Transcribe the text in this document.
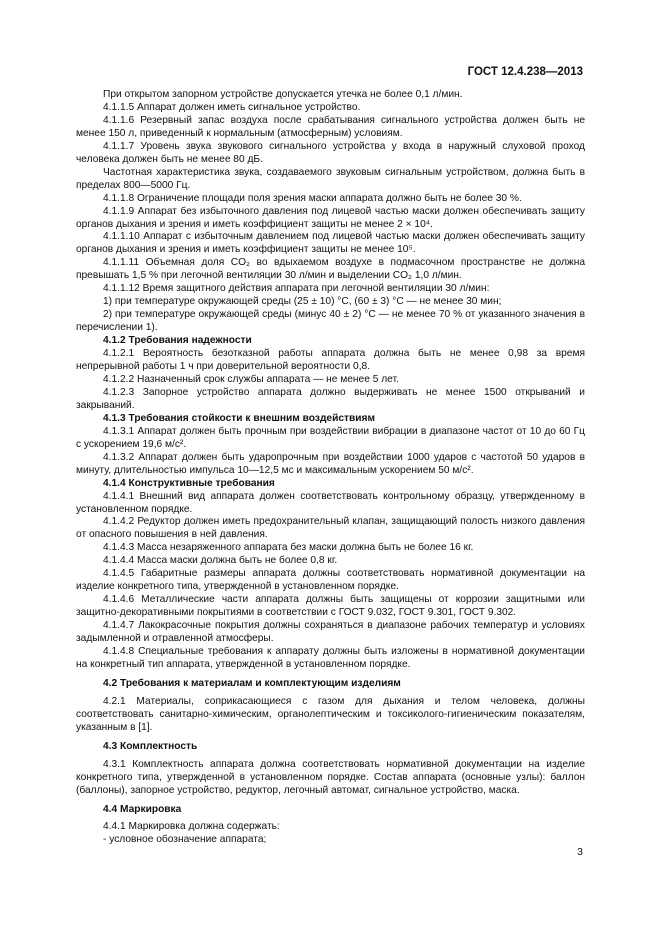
ГОСТ 12.4.238—2013

При открытом запорном устройстве допускается утечка не более 0,1 л/мин.

4.1.1.5 Аппарат должен иметь сигнальное устройство.

4.1.1.6 Резервный запас воздуха после срабатывания сигнального устройства должен быть не менее 150 л, приведенный к нормальным (атмосферным) условиям.

4.1.1.7 Уровень звука звукового сигнального устройства у входа в наружный слуховой проход человека должен быть не менее 80 дБ.

Частотная характеристика звука, создаваемого звуковым сигнальным устройством, должна быть в пределах 800—5000 Гц.

4.1.1.8 Ограничение площади поля зрения маски аппарата должно быть не более 30 %.

4.1.1.9 Аппарат без избыточного давления под лицевой частью маски должен обеспечивать защиту органов дыхания и зрения и иметь коэффициент защиты не менее 2 × 10⁴.

4.1.1.10 Аппарат с избыточным давлением под лицевой частью маски должен обеспечивать защиту органов дыхания и зрения и иметь коэффициент защиты не менее 10⁵.

4.1.1.11 Объемная доля CO₂ во вдыхаемом воздухе в подмасочном пространстве не должна превышать 1,5 % при легочной вентиляции 30 л/мин и выделении CO₂ 1,0 л/мин.

4.1.1.12 Время защитного действия аппарата при легочной вентиляции 30 л/мин:

1) при температуре окружающей среды (25 ± 10) °С, (60 ± 3) °С — не менее 30 мин;

2) при температуре окружающей среды (минус 40 ± 2) °С — не менее 70 % от указанного значения в перечислении 1).

4.1.2 Требования надежности

4.1.2.1 Вероятность безотказной работы аппарата должна быть не менее 0,98 за время непрерывной работы 1 ч при доверительной вероятности 0,8.

4.1.2.2 Назначенный срок службы аппарата — не менее 5 лет.

4.1.2.3 Запорное устройство аппарата должно выдерживать не менее 1500 открываний и закрываний.

4.1.3 Требования стойкости к внешним воздействиям

4.1.3.1 Аппарат должен быть прочным при воздействии вибрации в диапазоне частот от 10 до 60 Гц с ускорением 19,6 м/с².

4.1.3.2 Аппарат должен быть ударопрочным при воздействии 1000 ударов с частотой 50 ударов в минуту, длительностью импульса 10—12,5 мс и максимальным ускорением 50 м/с².

4.1.4 Конструктивные требования

4.1.4.1 Внешний вид аппарата должен соответствовать контрольному образцу, утвержденному в установленном порядке.

4.1.4.2 Редуктор должен иметь предохранительный клапан, защищающий полость низкого давления от опасного повышения в ней давления.

4.1.4.3 Масса незаряженного аппарата без маски должна быть не более 16 кг.

4.1.4.4 Масса маски должна быть не более 0,8 кг.

4.1.4.5 Габаритные размеры аппарата должны соответствовать нормативной документации на изделие конкретного типа, утвержденной в установленном порядке.

4.1.4.6 Металлические части аппарата должны быть защищены от коррозии защитными или защитно-декоративными покрытиями в соответствии с ГОСТ 9.032, ГОСТ 9.301, ГОСТ 9.302.

4.1.4.7 Лакокрасочные покрытия должны сохраняться в диапазоне рабочих температур и условиях задымленной и отравленной атмосферы.

4.1.4.8 Специальные требования к аппарату должны быть изложены в нормативной документации на конкретный тип аппарата, утвержденной в установленном порядке.

4.2 Требования к материалам и комплектующим изделиям

4.2.1 Материалы, соприкасающиеся с газом для дыхания и телом человека, должны соответствовать санитарно-химическим, органолептическим и токсиколого-гигиеническим показателям, указанным в [1].

4.3 Комплектность

4.3.1 Комплектность аппарата должна соответствовать нормативной документации на изделие конкретного типа, утвержденной в установленном порядке. Состав аппарата (основные узлы): баллон (баллоны), запорное устройство, редуктор, легочный автомат, сигнальное устройство, маска.

4.4 Маркировка

4.4.1 Маркировка должна содержать:

- условное обозначение аппарата;

3
